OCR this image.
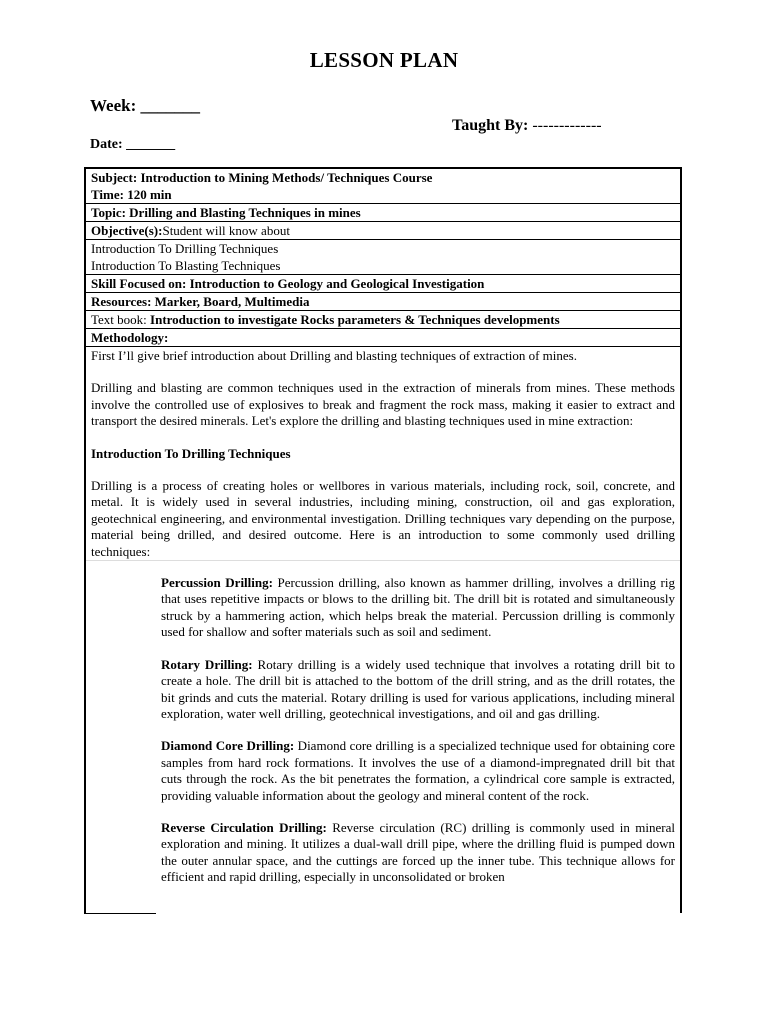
LESSON PLAN
Week: _______
Taught By: -------------
Date: _______
Subject: Introduction to Mining Methods/ Techniques Course
Time: 120 min
Topic: Drilling and Blasting Techniques in mines
Objective(s):Student will know about
Introduction To Drilling Techniques
Introduction To Blasting Techniques
Skill Focused on: Introduction to Geology and Geological Investigation
Resources: Marker, Board, Multimedia
Text book: Introduction to investigate Rocks parameters & Techniques developments
Methodology:

First I’ll give brief introduction about Drilling and blasting techniques of extraction of mines.

Drilling and blasting are common techniques used in the extraction of minerals from mines. These methods involve the controlled use of explosives to break and fragment the rock mass, making it easier to extract and transport the desired minerals. Let's explore the drilling and blasting techniques used in mine extraction:

Introduction To Drilling Techniques

Drilling is a process of creating holes or wellbores in various materials, including rock, soil, concrete, and metal. It is widely used in several industries, including mining, construction, oil and gas exploration, geotechnical engineering, and environmental investigation. Drilling techniques vary depending on the purpose, material being drilled, and desired outcome. Here is an introduction to some commonly used drilling techniques:

Percussion Drilling: Percussion drilling, also known as hammer drilling, involves a drilling rig that uses repetitive impacts or blows to the drilling bit. The drill bit is rotated and simultaneously struck by a hammering action, which helps break the material. Percussion drilling is commonly used for shallow and softer materials such as soil and sediment.

Rotary Drilling: Rotary drilling is a widely used technique that involves a rotating drill bit to create a hole. The drill bit is attached to the bottom of the drill string, and as the drill rotates, the bit grinds and cuts the material. Rotary drilling is used for various applications, including mineral exploration, water well drilling, geotechnical investigations, and oil and gas drilling.

Diamond Core Drilling: Diamond core drilling is a specialized technique used for obtaining core samples from hard rock formations. It involves the use of a diamond-impregnated drill bit that cuts through the rock. As the bit penetrates the formation, a cylindrical core sample is extracted, providing valuable information about the geology and mineral content of the rock.

Reverse Circulation Drilling: Reverse circulation (RC) drilling is commonly used in mineral exploration and mining. It utilizes a dual-wall drill pipe, where the drilling fluid is pumped down the outer annular space, and the cuttings are forced up the inner tube. This technique allows for efficient and rapid drilling, especially in unconsolidated or broken
